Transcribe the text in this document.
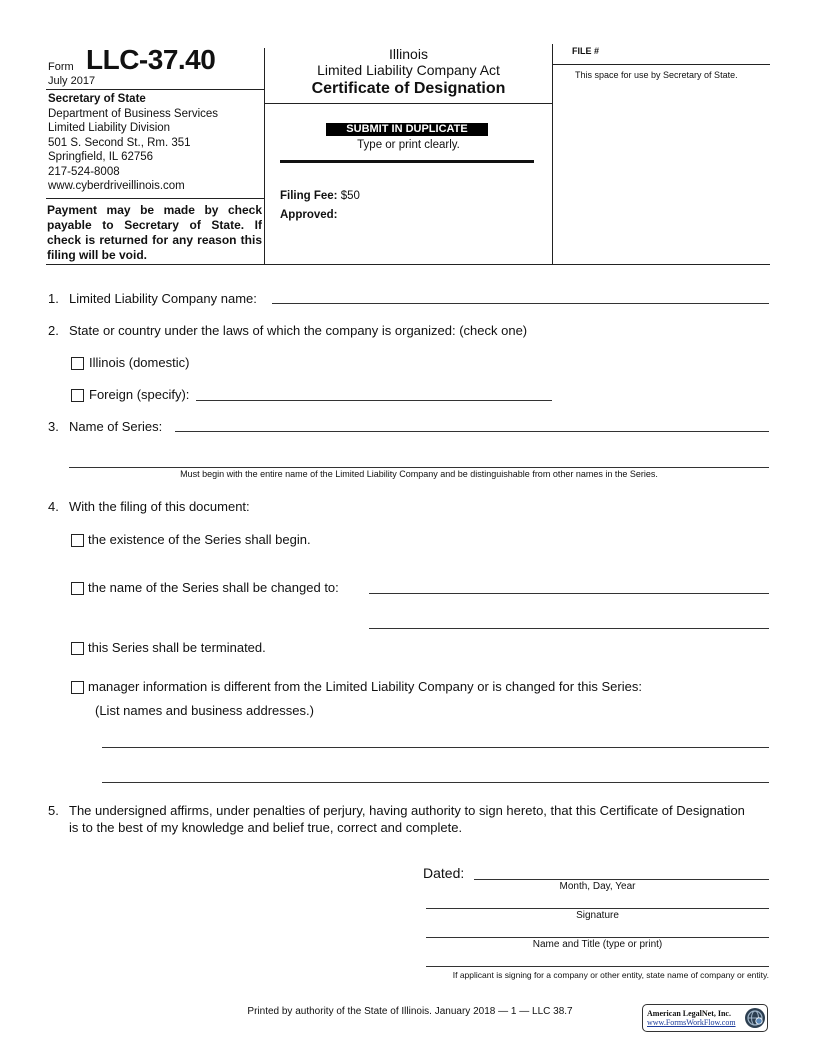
Form LLC-37.40
July 2017
Secretary of State
Department of Business Services
Limited Liability Division
501 S. Second St., Rm. 351
Springfield, IL 62756
217-524-8008
www.cyberdriveillinois.com
Payment may be made by check payable to Secretary of State. If check is returned for any reason this filing will be void.
Illinois
Limited Liability Company Act
Certificate of Designation
SUBMIT IN DUPLICATE
Type or print clearly.
Filing Fee: $50
Approved:
FILE #
This space for use by Secretary of State.
1. Limited Liability Company name:
2. State or country under the laws of which the company is organized: (check one)
Illinois (domestic)
Foreign (specify):
3. Name of Series:
Must begin with the entire name of the Limited Liability Company and be distinguishable from other names in the Series.
4. With the filing of this document:
the existence of the Series shall begin.
the name of the Series shall be changed to:
this Series shall be terminated.
manager information is different from the Limited Liability Company or is changed for this Series:
(List names and business addresses.)
5. The undersigned affirms, under penalties of perjury, having authority to sign hereto, that this Certificate of Designation
is to the best of my knowledge and belief true, correct and complete.
Dated:
Month, Day, Year
Signature
Name and Title (type or print)
If applicant is signing for a company or other entity, state name of company or entity.
Printed by authority of the State of Illinois. January 2018 — 1 — LLC 38.7	American LegalNet, Inc.
www.FormsWorkFlow.com
